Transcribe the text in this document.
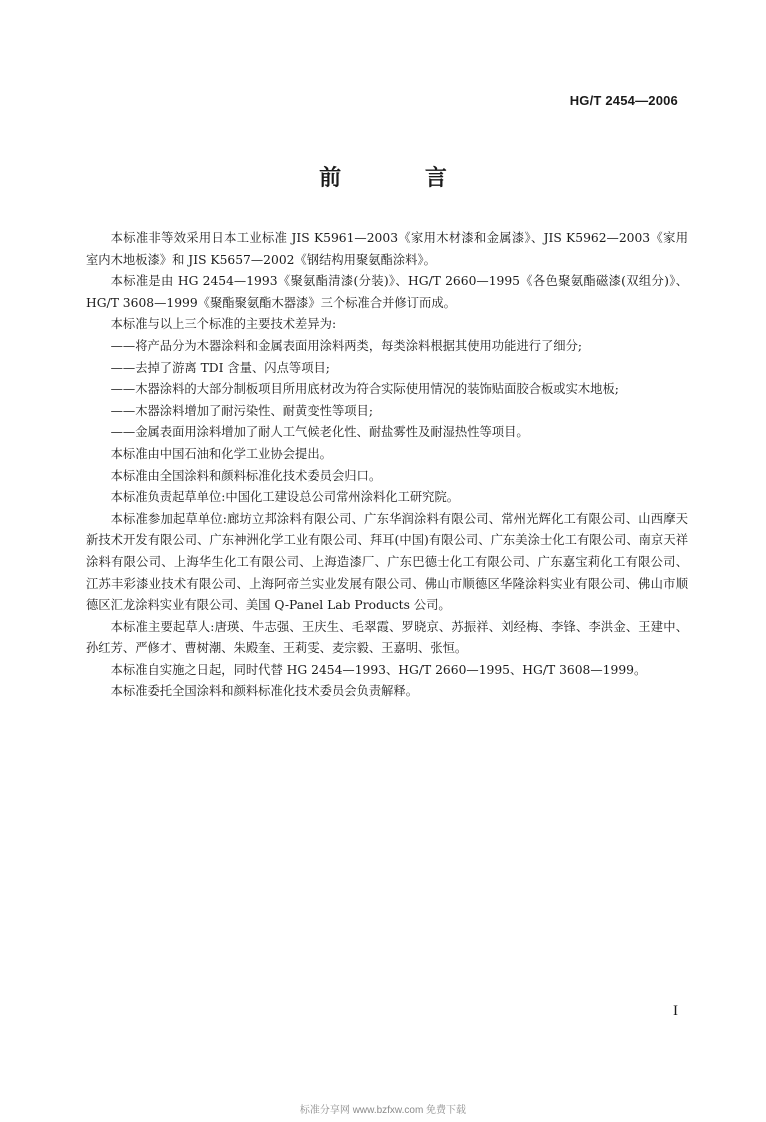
HG/T 2454—2006
前 言

本标准非等效采用日本工业标准 JIS K5961—2003《家用木材漆和金属漆》、JIS K5962—2003《家用室内木地板漆》和 JIS K5657—2002《钢结构用聚氨酯涂料》。

本标准是由 HG 2454—1993《聚氨酯清漆(分装)》、HG/T 2660—1995《各色聚氨酯磁漆(双组分)》、HG/T 3608—1999《聚酯聚氨酯木器漆》三个标准合并修订而成。

本标准与以上三个标准的主要技术差异为:

——将产品分为木器涂料和金属表面用涂料两类，每类涂料根据其使用功能进行了细分;

——去掉了游离 TDI 含量、闪点等项目;

——木器涂料的大部分制板项目所用底材改为符合实际使用情况的装饰贴面胶合板或实木地板;

——木器涂料增加了耐污染性、耐黄变性等项目;

——金属表面用涂料增加了耐人工气候老化性、耐盐雾性及耐湿热性等项目。

本标准由中国石油和化学工业协会提出。

本标准由全国涂料和颜料标准化技术委员会归口。

本标准负责起草单位:中国化工建设总公司常州涂料化工研究院。

本标准参加起草单位:廊坊立邦涂料有限公司、广东华润涂料有限公司、常州光辉化工有限公司、山西摩天新技术开发有限公司、广东神洲化学工业有限公司、拜耳(中国)有限公司、广东美涂士化工有限公司、南京天祥涂料有限公司、上海华生化工有限公司、上海造漆厂、广东巴德士化工有限公司、广东嘉宝莉化工有限公司、江苏丰彩漆业技术有限公司、上海阿帝兰实业发展有限公司、佛山市顺德区华隆涂料实业有限公司、佛山市顺德区汇龙涂料实业有限公司、美国 Q-Panel Lab Products 公司。

本标准主要起草人:唐瑛、牛志强、王庆生、毛翠霞、罗晓京、苏振祥、刘经梅、李锋、李洪金、王建中、孙红芳、严修才、曹树潮、朱殿奎、王莉雯、麦宗毅、王嘉明、张恒。

本标准自实施之日起，同时代替 HG 2454—1993、HG/T 2660—1995、HG/T 3608—1999。

本标准委托全国涂料和颜料标准化技术委员会负责解释。

I
标准分享网 www.bzfxw.com 免费下载
